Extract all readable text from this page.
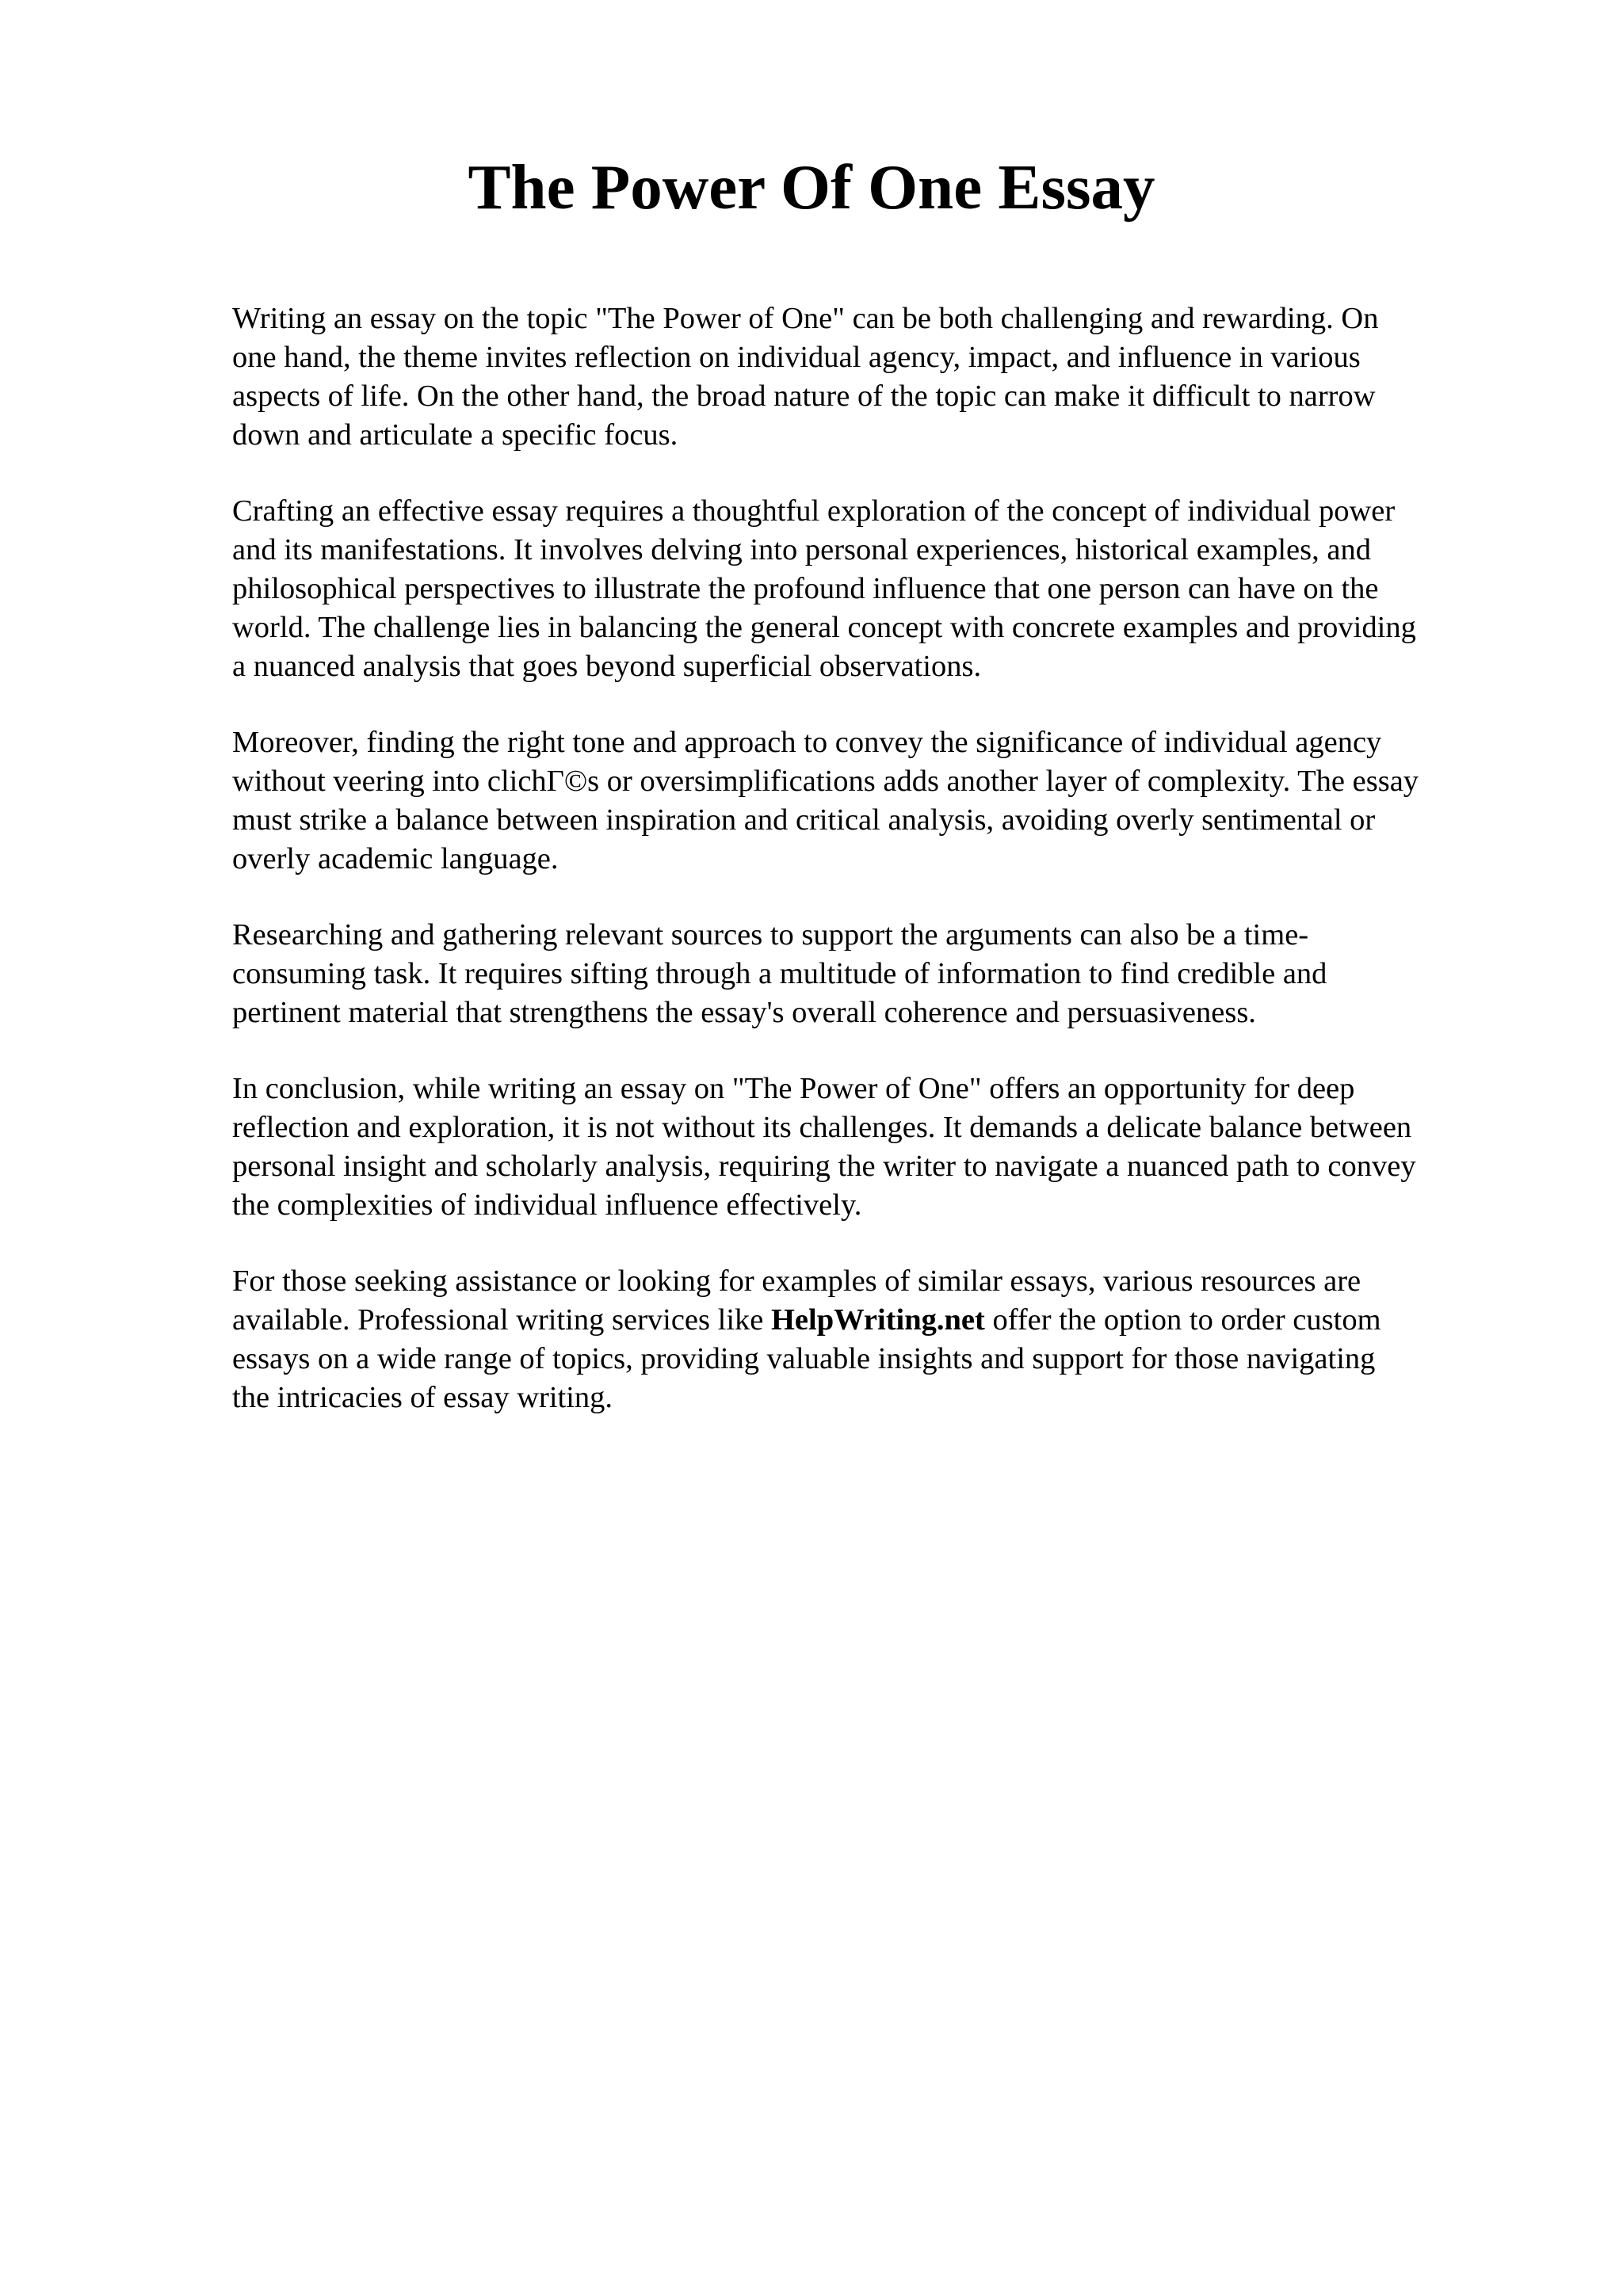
The Power Of One Essay

Writing an essay on the topic "The Power of One" can be both challenging and rewarding. On
one hand, the theme invites reflection on individual agency, impact, and influence in various
aspects of life. On the other hand, the broad nature of the topic can make it difficult to narrow
down and articulate a specific focus.

Crafting an effective essay requires a thoughtful exploration of the concept of individual power
and its manifestations. It involves delving into personal experiences, historical examples, and
philosophical perspectives to illustrate the profound influence that one person can have on the
world. The challenge lies in balancing the general concept with concrete examples and providing
a nuanced analysis that goes beyond superficial observations.

Moreover, finding the right tone and approach to convey the significance of individual agency
without veering into clichΓ©s or oversimplifications adds another layer of complexity. The essay
must strike a balance between inspiration and critical analysis, avoiding overly sentimental or
overly academic language.

Researching and gathering relevant sources to support the arguments can also be a time-
consuming task. It requires sifting through a multitude of information to find credible and
pertinent material that strengthens the essay's overall coherence and persuasiveness.

In conclusion, while writing an essay on "The Power of One" offers an opportunity for deep
reflection and exploration, it is not without its challenges. It demands a delicate balance between
personal insight and scholarly analysis, requiring the writer to navigate a nuanced path to convey
the complexities of individual influence effectively.

For those seeking assistance or looking for examples of similar essays, various resources are
available. Professional writing services like HelpWriting.net offer the option to order custom
essays on a wide range of topics, providing valuable insights and support for those navigating
the intricacies of essay writing.
